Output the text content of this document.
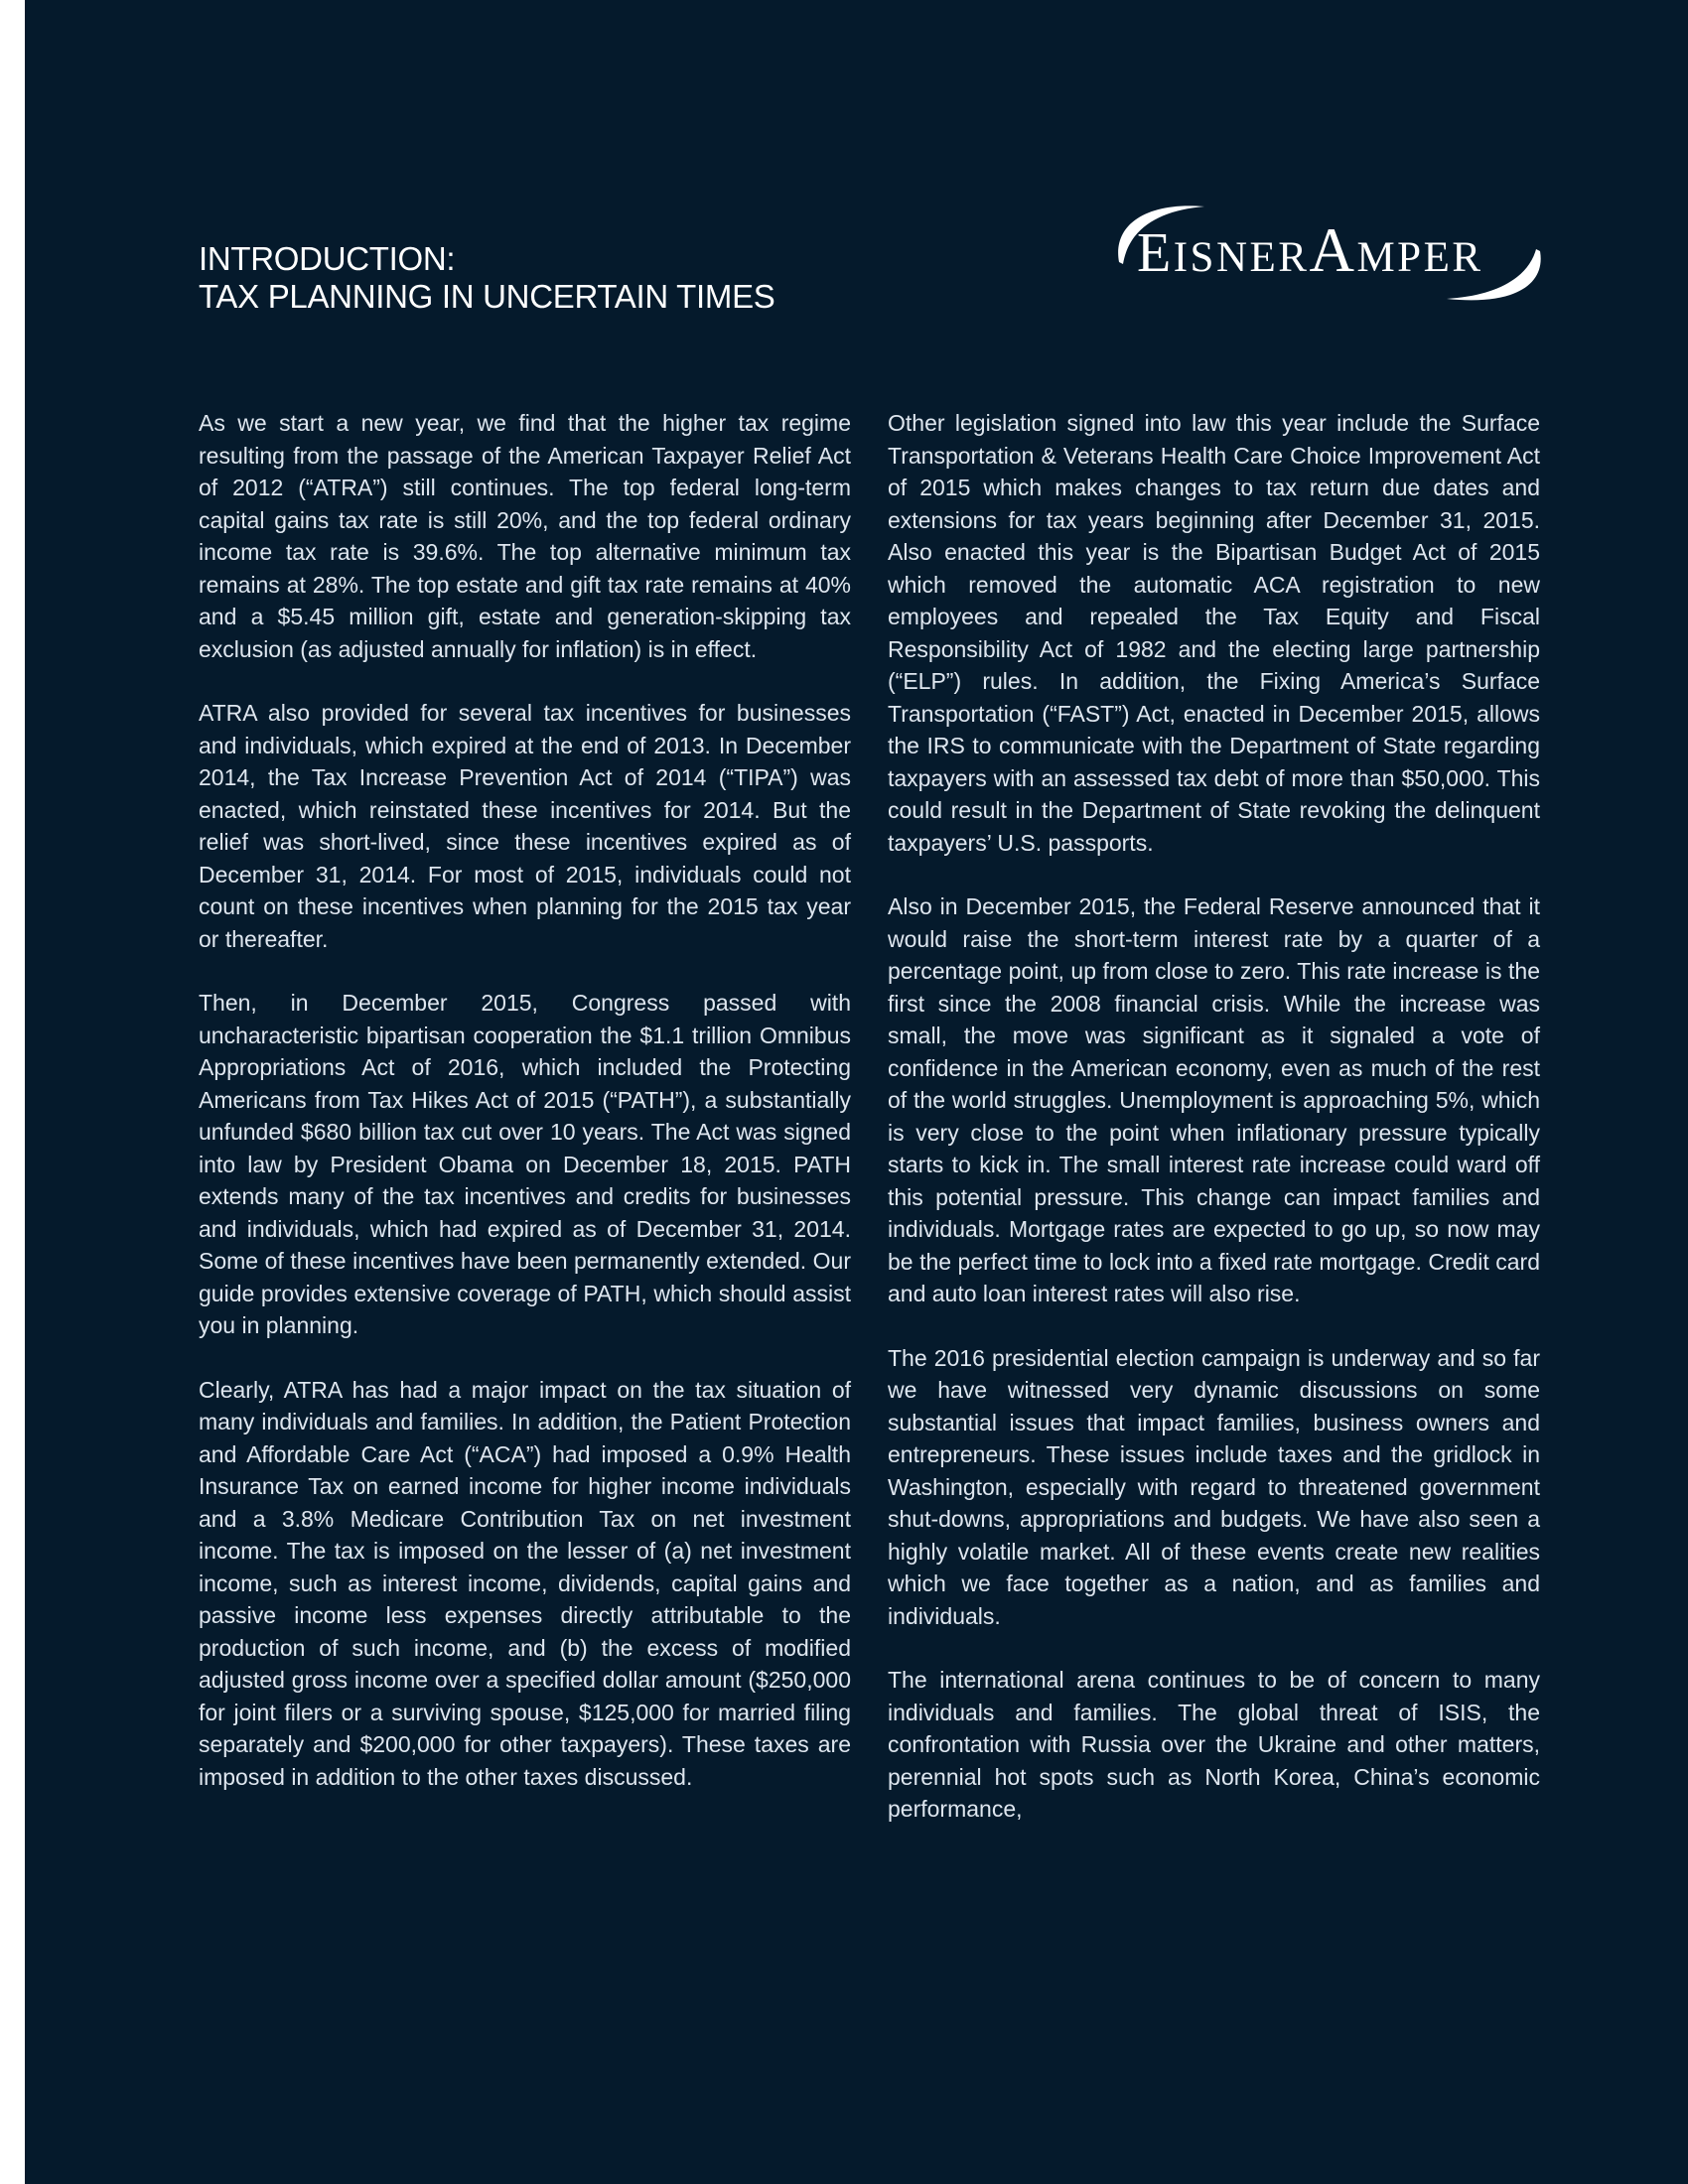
INTRODUCTION:
TAX PLANNING IN UNCERTAIN TIMES
EISNERAMPER

As we start a new year, we find that the higher tax regime resulting from the passage of the American Taxpayer Relief Act of 2012 (“ATRA”) still continues. The top federal long-term capital gains tax rate is still 20%, and the top federal ordinary income tax rate is 39.6%. The top alternative minimum tax remains at 28%. The top estate and gift tax rate remains at 40% and a $5.45 million gift, estate and generation-skipping tax exclusion (as adjusted annually for inflation) is in effect.

ATRA also provided for several tax incentives for businesses and individuals, which expired at the end of 2013. In December 2014, the Tax Increase Prevention Act of 2014 (“TIPA”) was enacted, which reinstated these incentives for 2014. But the relief was short-lived, since these incentives expired as of December 31, 2014. For most of 2015, individuals could not count on these incentives when planning for the 2015 tax year or thereafter.

Then, in December 2015, Congress passed with uncharacteristic bipartisan cooperation the $1.1 trillion Omnibus Appropriations Act of 2016, which included the Protecting Americans from Tax Hikes Act of 2015 (“PATH”), a substantially unfunded $680 billion tax cut over 10 years. The Act was signed into law by President Obama on December 18, 2015. PATH extends many of the tax incentives and credits for businesses and individuals, which had expired as of December 31, 2014. Some of these incentives have been permanently extended. Our guide provides extensive coverage of PATH, which should assist you in planning.

Clearly, ATRA has had a major impact on the tax situation of many individuals and families. In addition, the Patient Protection and Affordable Care Act (“ACA”) had imposed a 0.9% Health Insurance Tax on earned income for higher income individuals and a 3.8% Medicare Contribution Tax on net investment income. The tax is imposed on the lesser of (a) net investment income, such as interest income, dividends, capital gains and passive income less expenses directly attributable to the production of such income, and (b) the excess of modified adjusted gross income over a specified dollar amount ($250,000 for joint filers or a surviving spouse, $125,000 for married filing separately and $200,000 for other taxpayers). These taxes are imposed in addition to the other taxes discussed.

Other legislation signed into law this year include the Surface Transportation & Veterans Health Care Choice Improvement Act of 2015 which makes changes to tax return due dates and extensions for tax years beginning after December 31, 2015. Also enacted this year is the Bipartisan Budget Act of 2015 which removed the automatic ACA registration to new employees and repealed the Tax Equity and Fiscal Responsibility Act of 1982 and the electing large partnership (“ELP”) rules. In addition, the Fixing America’s Surface Transportation (“FAST”) Act, enacted in December 2015, allows the IRS to communicate with the Department of State regarding taxpayers with an assessed tax debt of more than $50,000. This could result in the Department of State revoking the delinquent taxpayers’ U.S. passports.

Also in December 2015, the Federal Reserve announced that it would raise the short-term interest rate by a quarter of a percentage point, up from close to zero. This rate increase is the first since the 2008 financial crisis. While the increase was small, the move was significant as it signaled a vote of confidence in the American economy, even as much of the rest of the world struggles. Unemployment is approaching 5%, which is very close to the point when inflationary pressure typically starts to kick in. The small interest rate increase could ward off this potential pressure. This change can impact families and individuals. Mortgage rates are expected to go up, so now may be the perfect time to lock into a fixed rate mortgage. Credit card and auto loan interest rates will also rise.

The 2016 presidential election campaign is underway and so far we have witnessed very dynamic discussions on some substantial issues that impact families, business owners and entrepreneurs. These issues include taxes and the gridlock in Washington, especially with regard to threatened government shut-downs, appropriations and budgets. We have also seen a highly volatile market. All of these events create new realities which we face together as a nation, and as families and individuals.

The international arena continues to be of concern to many individuals and families. The global threat of ISIS, the confrontation with Russia over the Ukraine and other matters, perennial hot spots such as North Korea, China’s economic performance,
